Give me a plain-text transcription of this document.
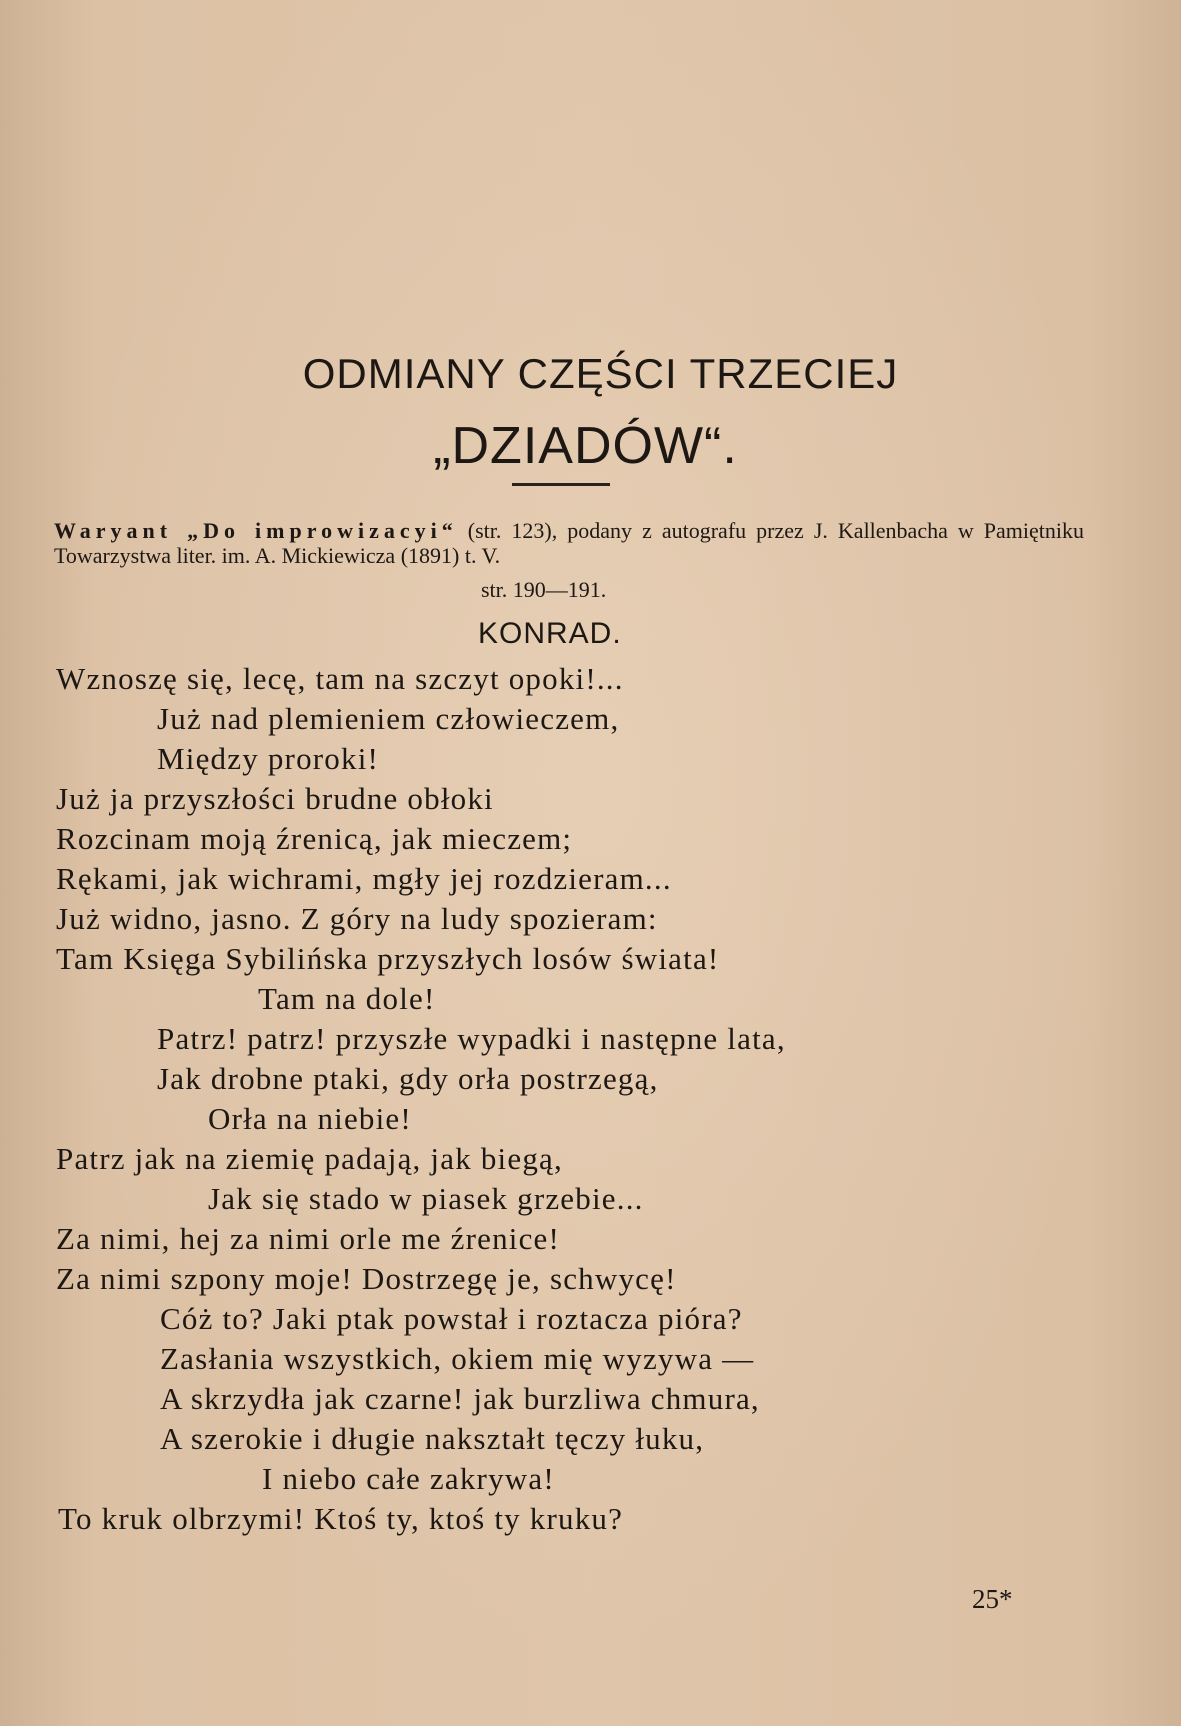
ODMIANY CZĘŚCI TRZECIEJ
„DZIADÓW“.
Waryant „Do improwizacyi“ (str. 123), podany z autografu przez J. Kallenbacha w Pamiętniku Towarzystwa liter. im. A. Mickiewicza (1891) t. V.
str. 190—191.
KONRAD.
Wznoszę się, lecę, tam na szczyt opoki!...
Już nad plemieniem człowieczem,
Między proroki!
Już ja przyszłości brudne obłoki
Rozcinam moją źrenicą, jak mieczem;
Rękami, jak wichrami, mgły jej rozdzieram...
Już widno, jasno. Z góry na ludy spozieram:
Tam Księga Sybilińska przyszłych losów świata!
Tam na dole!
Patrz! patrz! przyszłe wypadki i następne lata,
Jak drobne ptaki, gdy orła postrzegą,
Orła na niebie!
Patrz jak na ziemię padają, jak biegą,
Jak się stado w piasek grzebie...
Za nimi, hej za nimi orle me źrenice!
Za nimi szpony moje! Dostrzegę je, schwycę!
Cóż to? Jaki ptak powstał i roztacza pióra?
Zasłania wszystkich, okiem mię wyzywa —
A skrzydła jak czarne! jak burzliwa chmura,
A szerokie i długie nakształt tęczy łuku,
I niebo całe zakrywa!
To kruk olbrzymi! Ktoś ty, ktoś ty kruku?
25*
